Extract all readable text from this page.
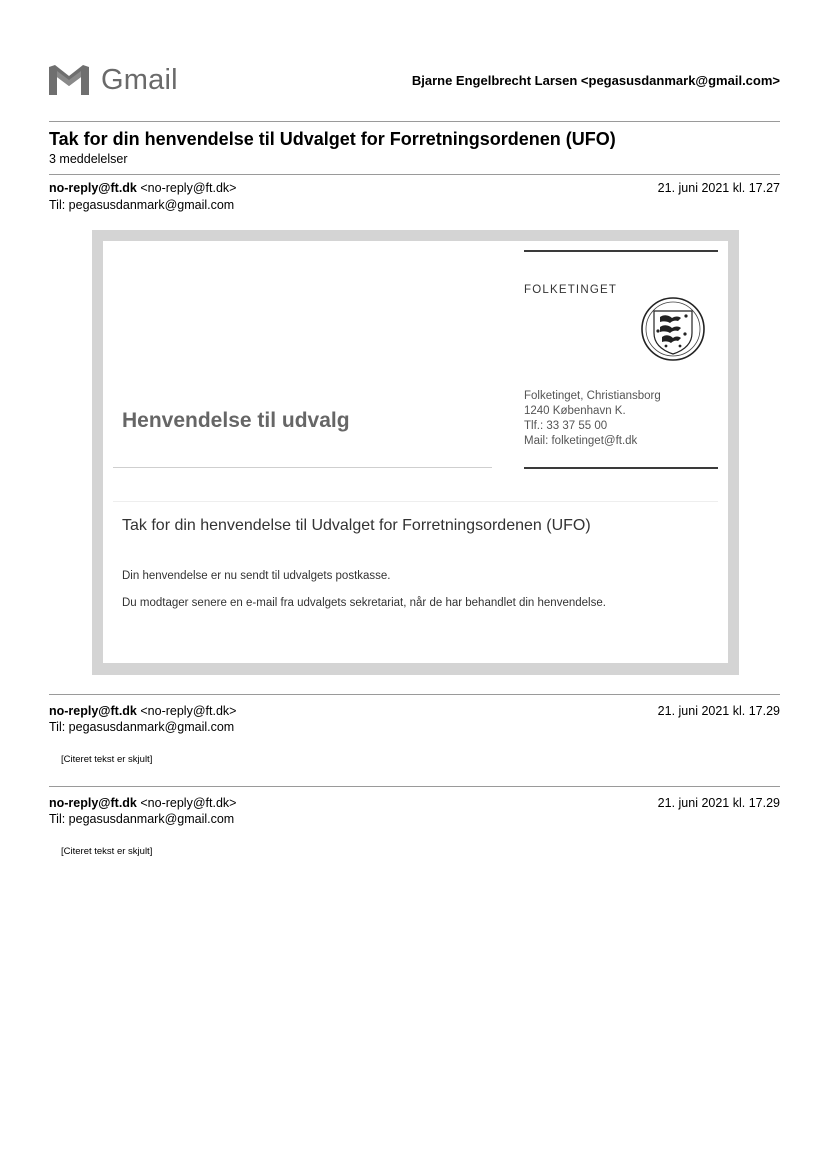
Gmail	Bjarne Engelbrecht Larsen <pegasusdanmark@gmail.com>
Tak for din henvendelse til Udvalget for Forretningsordenen (UFO)
3 meddelelser
no-reply@ft.dk <no-reply@ft.dk>
Til: pegasusdanmark@gmail.com
21. juni 2021 kl. 17.27
FOLKETINGET
Folketinget, Christiansborg
1240 København K.
Tlf.: 33 37 55 00
Mail: folketinget@ft.dk
Henvendelse til udvalg
Tak for din henvendelse til Udvalget for Forretningsordenen (UFO)
Din henvendelse er nu sendt til udvalgets postkasse.
Du modtager senere en e-mail fra udvalgets sekretariat, når de har behandlet din henvendelse.
no-reply@ft.dk <no-reply@ft.dk>
Til: pegasusdanmark@gmail.com
21. juni 2021 kl. 17.29
[Citeret tekst er skjult]
no-reply@ft.dk <no-reply@ft.dk>
Til: pegasusdanmark@gmail.com
21. juni 2021 kl. 17.29
[Citeret tekst er skjult]
